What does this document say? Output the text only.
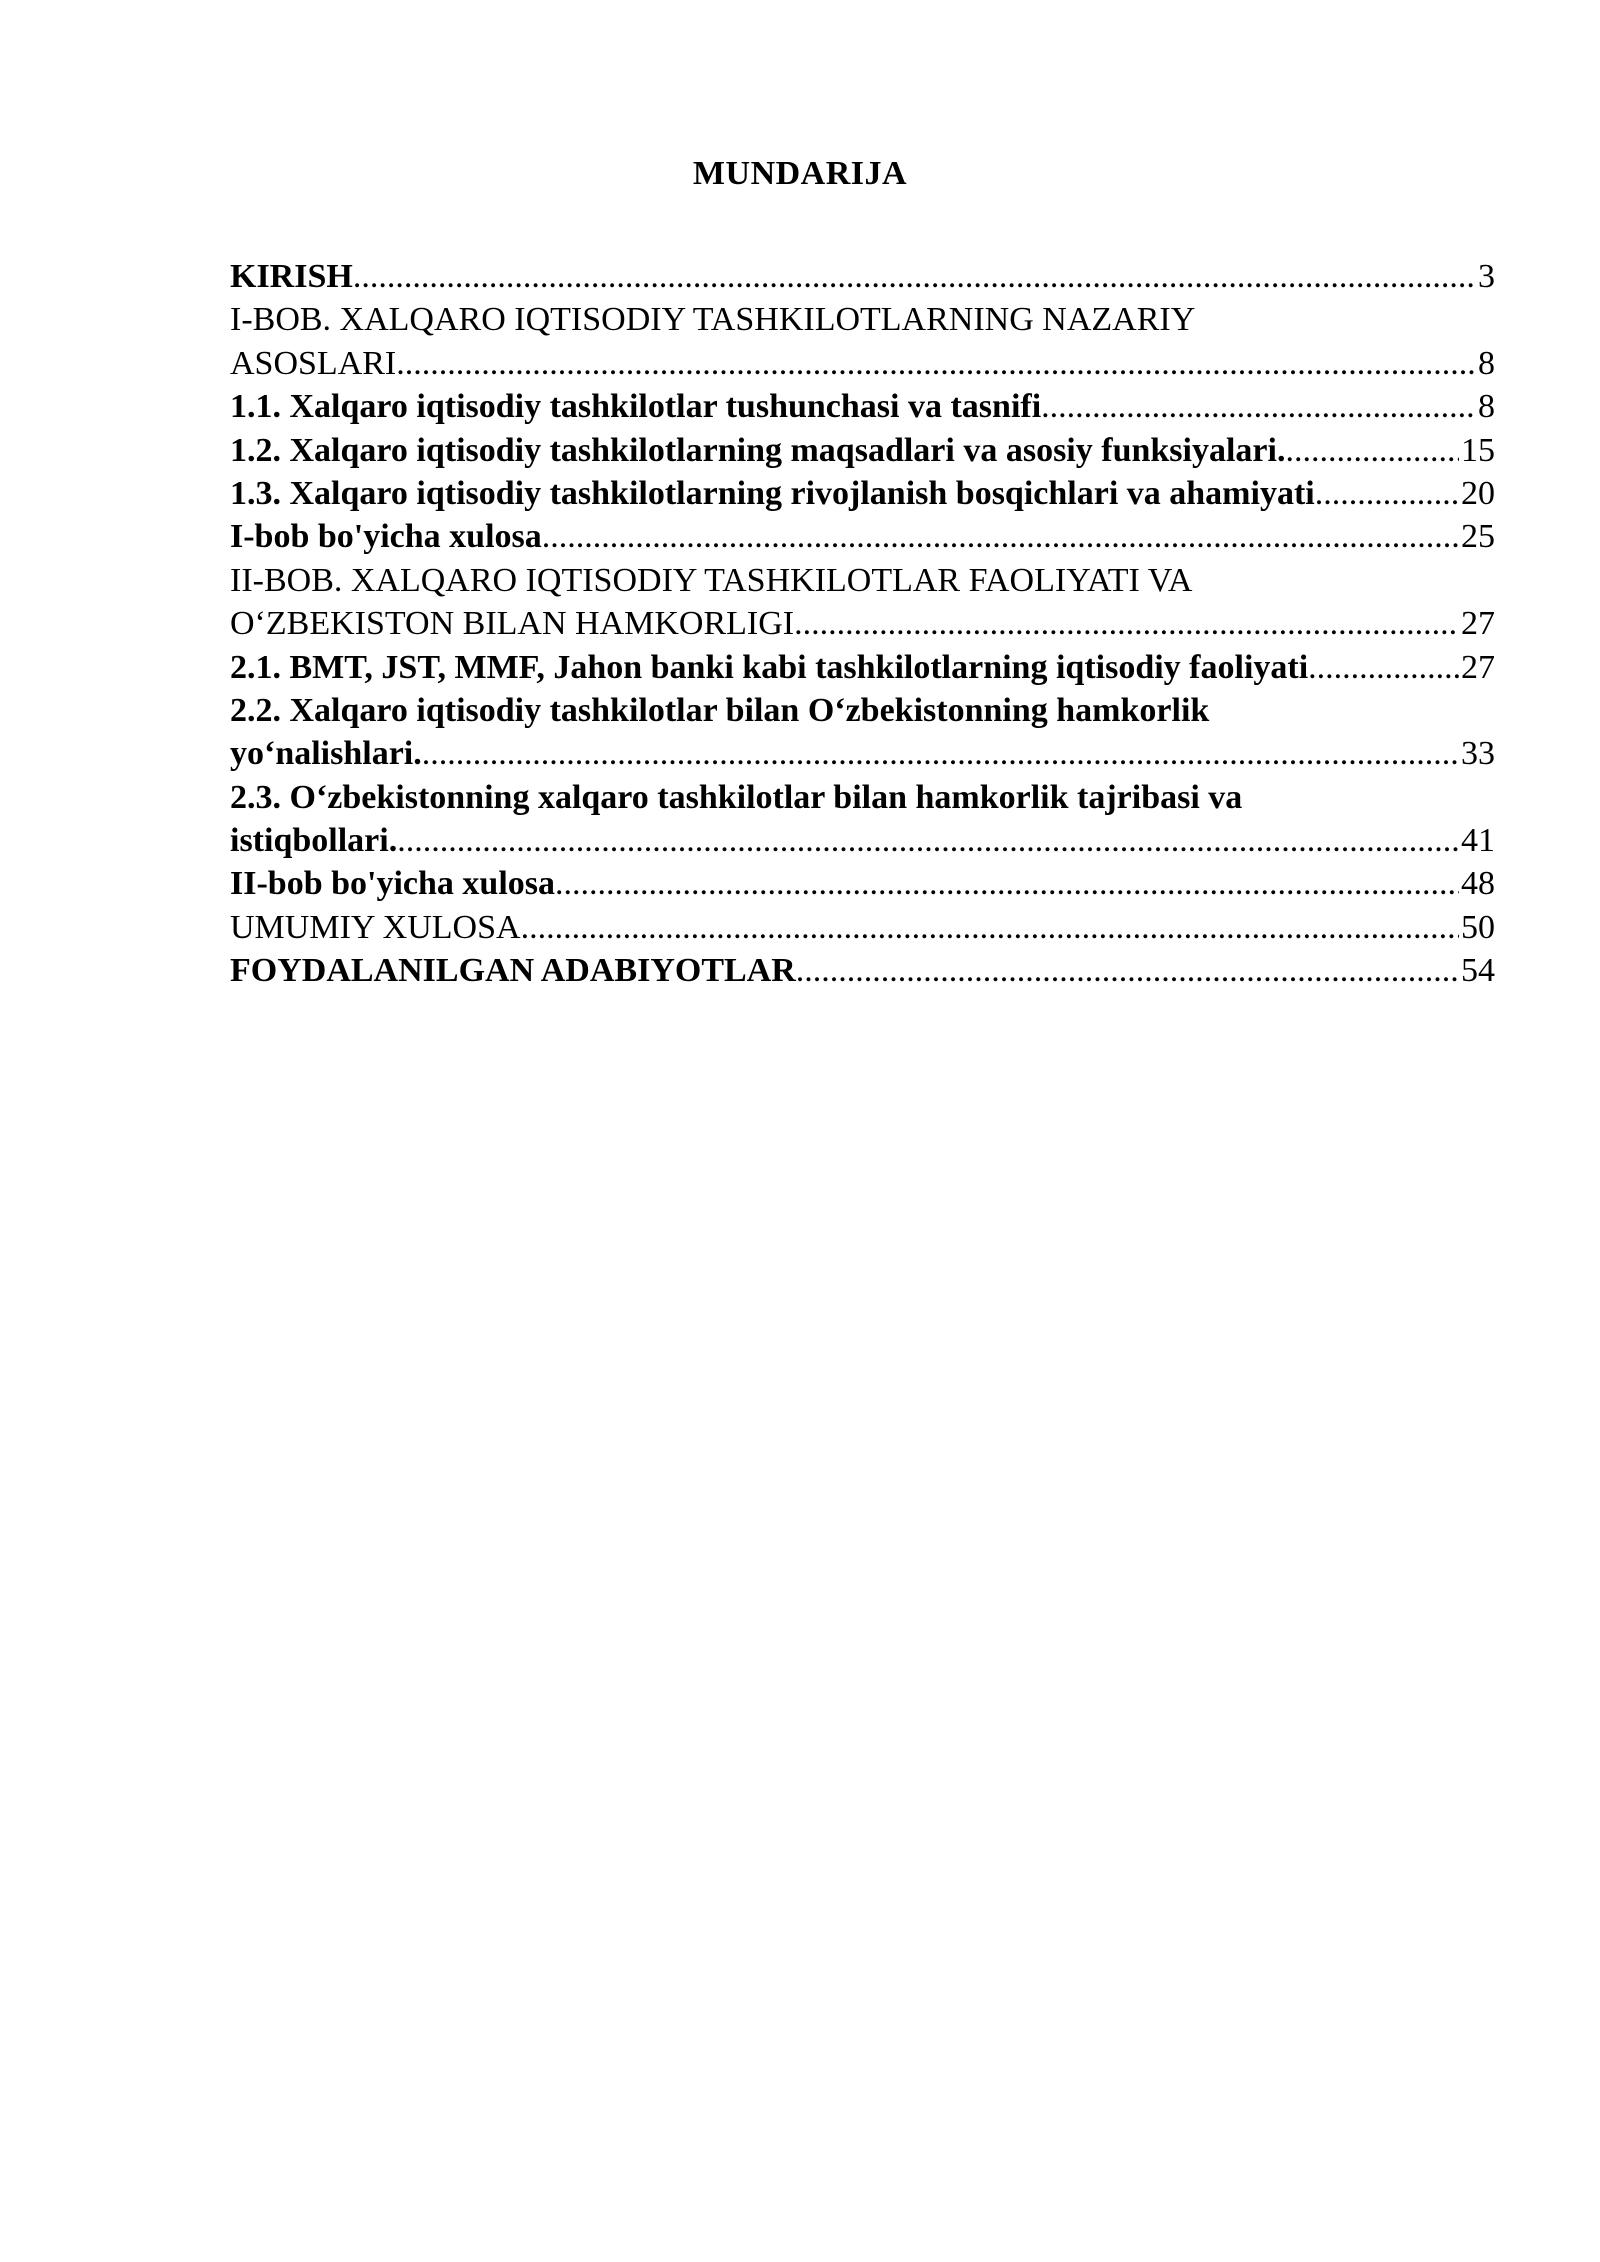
MUNDARIJA
KIRISH .....	3
I-BOB. XALQARO IQTISODIY TASHKILOTLARNING NAZARIY
ASOSLARI .....	8
1.1. Xalqaro iqtisodiy tashkilotlar tushunchasi va tasnifi .....	8
1.2. Xalqaro iqtisodiy tashkilotlarning maqsadlari va asosiy funksiyalari. .....	15
1.3. Xalqaro iqtisodiy tashkilotlarning rivojlanish bosqichlari va ahamiyati .....	20
I-bob bo'yicha xulosa .....	25
II-BOB. XALQARO IQTISODIY TASHKILOTLAR FAOLIYATI VA
O‘ZBEKISTON BILAN HAMKORLIGI .....	27
2.1. BMT, JST, MMF, Jahon banki kabi tashkilotlarning iqtisodiy faoliyati .....	27
2.2. Xalqaro iqtisodiy tashkilotlar bilan O‘zbekistonning hamkorlik
yo‘nalishlari. .....	33
2.3. O‘zbekistonning xalqaro tashkilotlar bilan hamkorlik tajribasi va
istiqbollari. .....	41
II-bob bo'yicha xulosa .....	48
UMUMIY XULOSA .....	50
FOYDALANILGAN ADABIYOTLAR .....	54
